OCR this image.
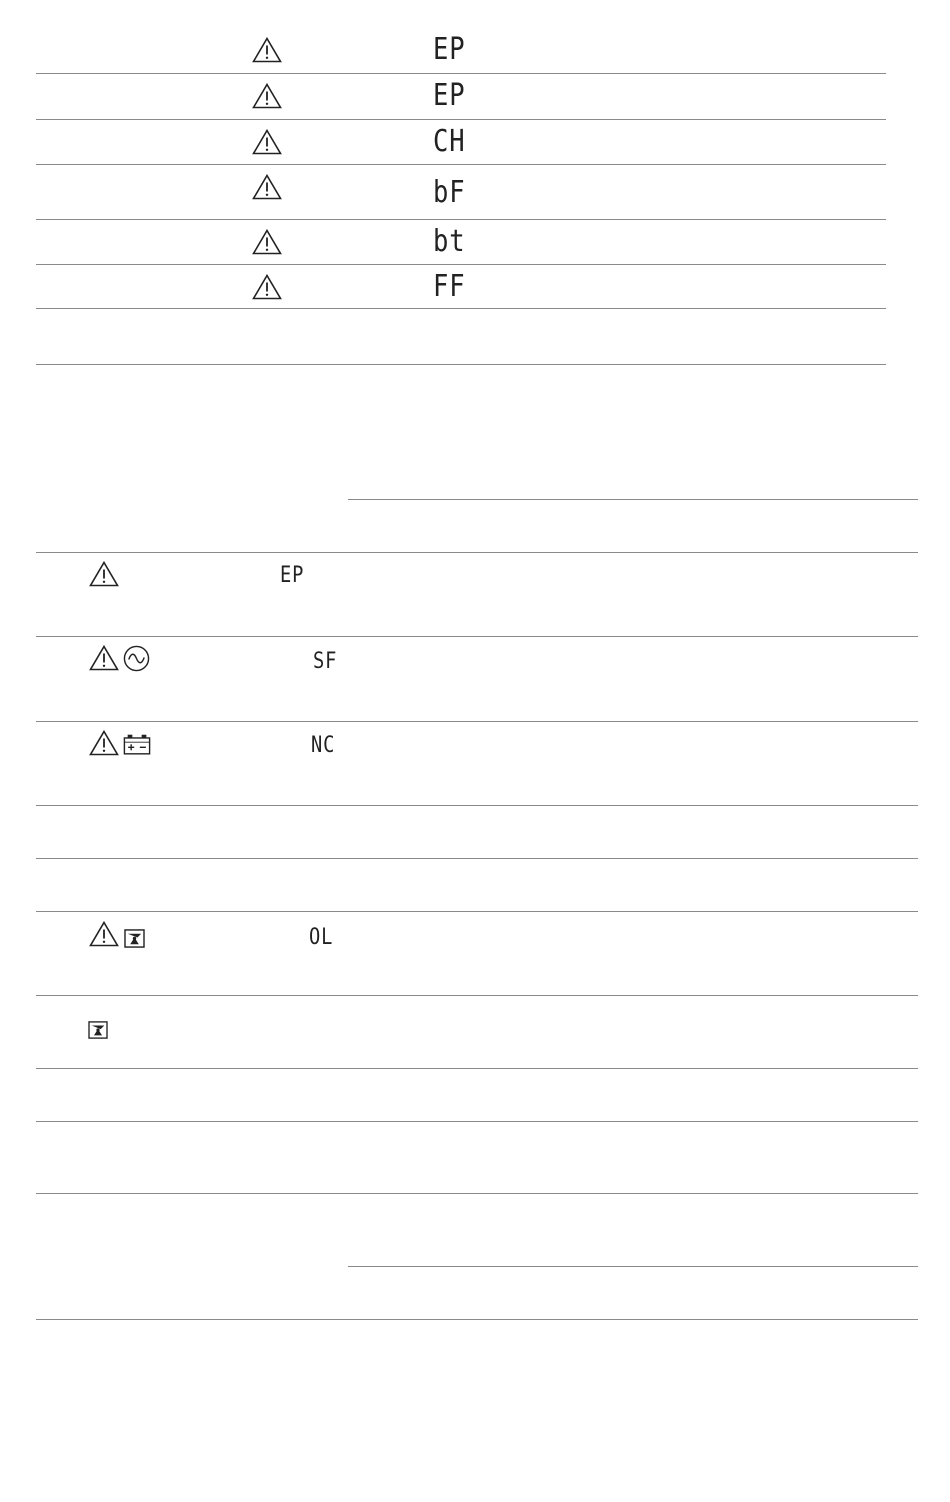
EP
EP
CH
bF
bt
FF
EP
SF
NC
OL
